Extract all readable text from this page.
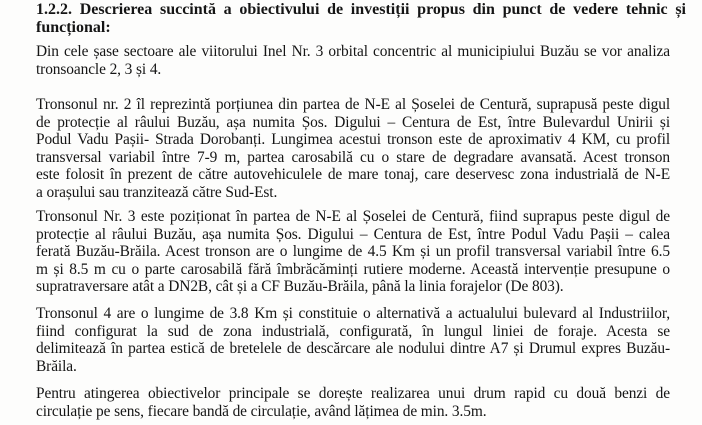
1.2.2. Descrierea succintă a obiectivului de investiții propus din punct de vedere tehnic și
funcțional:

Din cele șase sectoare ale viitorului Inel Nr. 3 orbital concentric al municipiului Buzău se vor analiza
tronsoancle 2, 3 și 4.

Tronsonul nr. 2 îl reprezintă porțiunea din partea de N-E al Șoselei de Centură, suprapusă peste digul
de protecție al râului Buzău, așa numita Șos. Digului – Centura de Est, între Bulevardul Unirii și
Podul Vadu Pașii- Strada Dorobanți. Lungimea acestui tronson este de aproximativ 4 KM, cu profil
transversal variabil între 7-9 m, partea carosabilă cu o stare de degradare avansată. Acest tronson
este folosit în prezent de către autovehiculele de mare tonaj, care deservesc zona industrială de N-E
a orașului sau tranzitează către Sud-Est.

Tronsonul Nr. 3 este poziționat în partea de N-E al Șoselei de Centură, fiind suprapus peste digul de
protecție al râului Buzău, așa numita Șos. Digului – Centura de Est, între Podul Vadu Pașii – calea
ferată Buzău-Brăila. Acest tronson are o lungime de 4.5 Km și un profil transversal variabil între 6.5
m și 8.5 m cu o parte carosabilă fără îmbrăcăminți rutiere moderne. Această intervenție presupune o
supratraversare atât a DN2B, cât și a CF Buzău-Brăila, până la linia forajelor (De 803).

Tronsonul 4 are o lungime de 3.8 Km și constituie o alternativă a actualului bulevard al Industriilor,
fiind configurat la sud de zona industrială, configurată, în lungul liniei de foraje. Acesta se
delimitează în partea estică de bretelele de descărcare ale nodului dintre A7 și Drumul expres Buzău-
Brăila.

Pentru atingerea obiectivelor principale se dorește realizarea unui drum rapid cu două benzi de
circulație pe sens, fiecare bandă de circulație, având lățimea de min. 3.5m.
